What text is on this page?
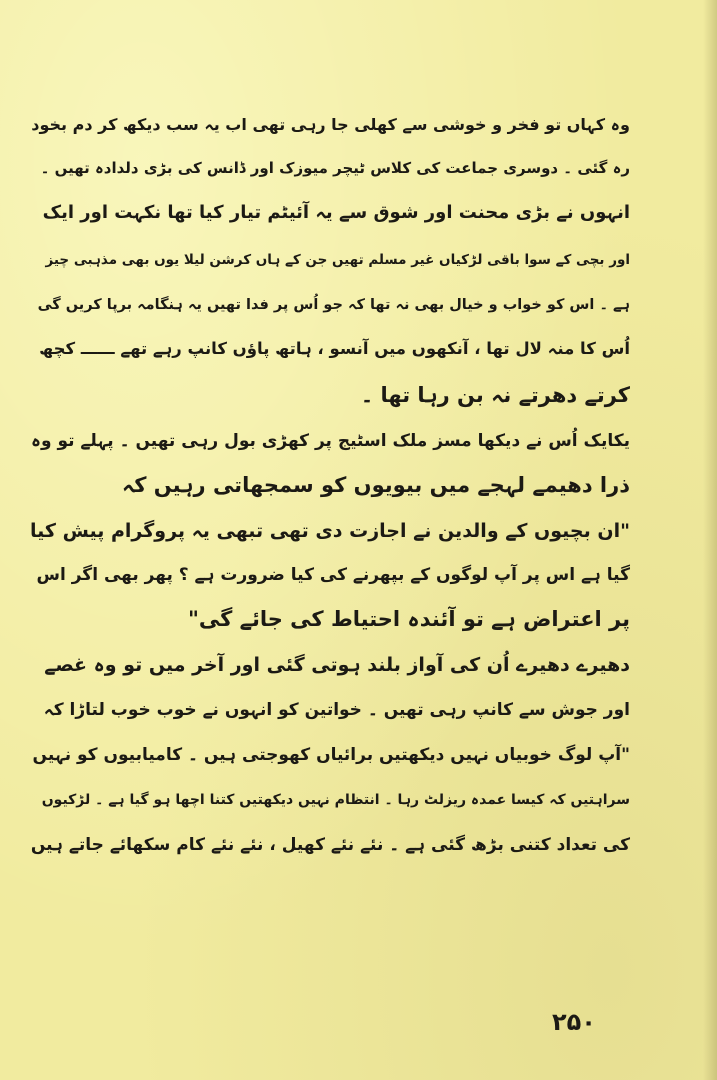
وہ کہاں تو فخر و خوشی سے کھلی جا رہی تھی اب یہ سب دیکھ کر دم بخود
رہ گئی ۔ دوسری جماعت کی کلاس ٹیچر میوزک اور ڈانس کی بڑی دلدادہ تھیں ۔
انہوں نے بڑی محنت اور شوق سے یہ آئیٹم تیار کیا تھا نکہت اور ایک
اور بچی کے سوا باقی لڑکیاں غیر مسلم تھیں جن کے ہاں کرشن لیلا یوں بھی مذہبی چیز
ہے ۔ اس کو خواب و خیال بھی نہ تھا کہ جو اُس پر فدا تھیں یہ ہنگامہ برپا کریں گی
اُس کا منہ لال تھا ، آنکھوں میں آنسو ، ہاتھ پاؤں کانپ رہے تھے ــــــ کچھ
کرتے دھرتے نہ بن رہا تھا ۔
یکایک اُس نے دیکھا مسز ملک اسٹیج پر کھڑی بول رہی تھیں ۔ پہلے تو وہ
ذرا دھیمے لہجے میں بیویوں کو سمجھاتی رہیں کہ
"ان بچیوں کے والدین نے اجازت دی تھی تبھی یہ پروگرام پیش کیا
گیا ہے اس پر آپ لوگوں کے بپھرنے کی کیا ضرورت ہے ؟ پھر بھی اگر اس
پر اعتراض ہے تو آئندہ احتیاط کی جائے گی"
دھیرے دھیرے اُن کی آواز بلند ہوتی گئی اور آخر میں تو وہ غصے
اور جوش سے کانپ رہی تھیں ۔ خواتین کو انہوں نے خوب خوب لتاڑا کہ
"آپ لوگ خوبیاں نہیں دیکھتیں برائیاں کھوجتی ہیں ۔ کامیابیوں کو نہیں
سراہتیں کہ کیسا عمدہ ریزلٹ رہا ۔ انتظام نہیں دیکھتیں کتنا اچھا ہو گیا ہے ۔ لڑکیوں
کی تعداد کتنی بڑھ گئی ہے ۔ نئے نئے کھیل ، نئے نئے کام سکھائے جاتے ہیں
۲۵۰
